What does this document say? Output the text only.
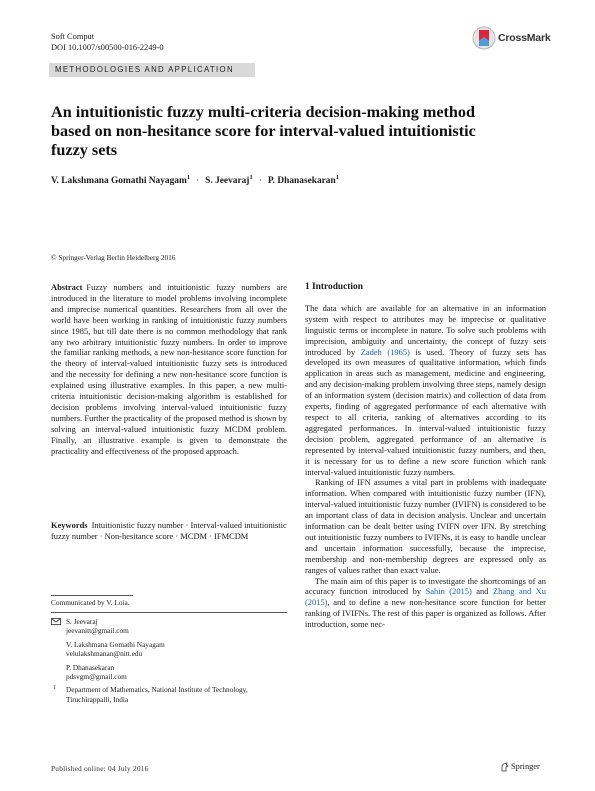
Soft Comput
DOI 10.1007/s00500-016-2249-0
CrossMark
METHODOLOGIES AND APPLICATION
An intuitionistic fuzzy multi-criteria decision-making method based on non-hesitance score for interval-valued intuitionistic fuzzy sets
V. Lakshmana Gomathi Nayagam$^1$ · S. Jeevaraj$^1$ · P. Dhanasekaran$^1$
© Springer-Verlag Berlin Heidelberg 2016

Abstract Fuzzy numbers and intuitionistic fuzzy numbers are introduced in the literature to model problems involving incomplete and imprecise numerical quantities. Researchers from all over the world have been working in ranking of intuitionistic fuzzy numbers since 1985, but till date there is no common methodology that rank any two arbitrary intuitionistic fuzzy numbers. In order to improve the familiar ranking methods, a new non-hesitance score function for the theory of interval-valued intuitionistic fuzzy sets is introduced and the necessity for defining a new non-hesitance score function is explained using illustrative examples. In this paper, a new multi-criteria intuitionistic decision-making algorithm is established for decision problems involving interval-valued intuitionistic fuzzy numbers. Further the practicality of the proposed method is shown by solving an interval-valued intuitionistic fuzzy MCDM problem. Finally, an illustrative example is given to demonstrate the practicality and effectiveness of the proposed approach.

Keywords Intuitionistic fuzzy number · Interval-valued intuitionistic fuzzy number · Non-hesitance score · MCDM · IFMCDM
Communicated by V. Loia.
S. Jeevaraj
jeevanitt@gmail.com
V. Lakshmana Gomathi Nayagam
velulakshmanan@nitt.edu
P. Dhanasekaran
pdsvgm@gmail.com
1 Department of Mathematics, National Institute of Technology, Tiruchirappalli, India
1 Introduction

The data which are available for an alternative in an information system with respect to attributes may be imprecise or qualitative linguistic terms or incomplete in nature. To solve such problems with imprecision, ambiguity and uncertainty, the concept of fuzzy sets introduced by Zadeh (1965) is used. Theory of fuzzy sets has developed its own measures of qualitative information, which finds application in areas such as management, medicine and engineering, and any decision-making problem involving three steps, namely design of an information system (decision matrix) and collection of data from experts, finding of aggregated performance of each alternative with respect to all criteria, ranking of alternatives according to its aggregated performances. In interval-valued intuitionistic fuzzy decision problem, aggregated performance of an alternative is represented by interval-valued intuitionistic fuzzy numbers, and then, it is necessary for us to define a new score function which rank interval-valued intuitionistic fuzzy numbers.

Ranking of IFN assumes a vital part in problems with inadequate information. When compared with intuitionistic fuzzy number (IFN), interval-valued intuitionistic fuzzy number (IVIFN) is considered to be an important class of data in decision analysis. Unclear and uncertain information can be dealt better using IVIFN over IFN. By stretching out intuitionistic fuzzy numbers to IVIFNs, it is easy to handle unclear and uncertain information successfully, because the imprecise, membership and non-membership degrees are expressed only as ranges of values rather than exact value.

The main aim of this paper is to investigate the shortcomings of an accuracy function introduced by Sahin (2015) and Zhang and Xu (2015), and to define a new non-hesitance score function for better ranking of IVIFNs. The rest of this paper is organized as follows. After introduction, some nec-

Published online: 04 July 2016	Springer
